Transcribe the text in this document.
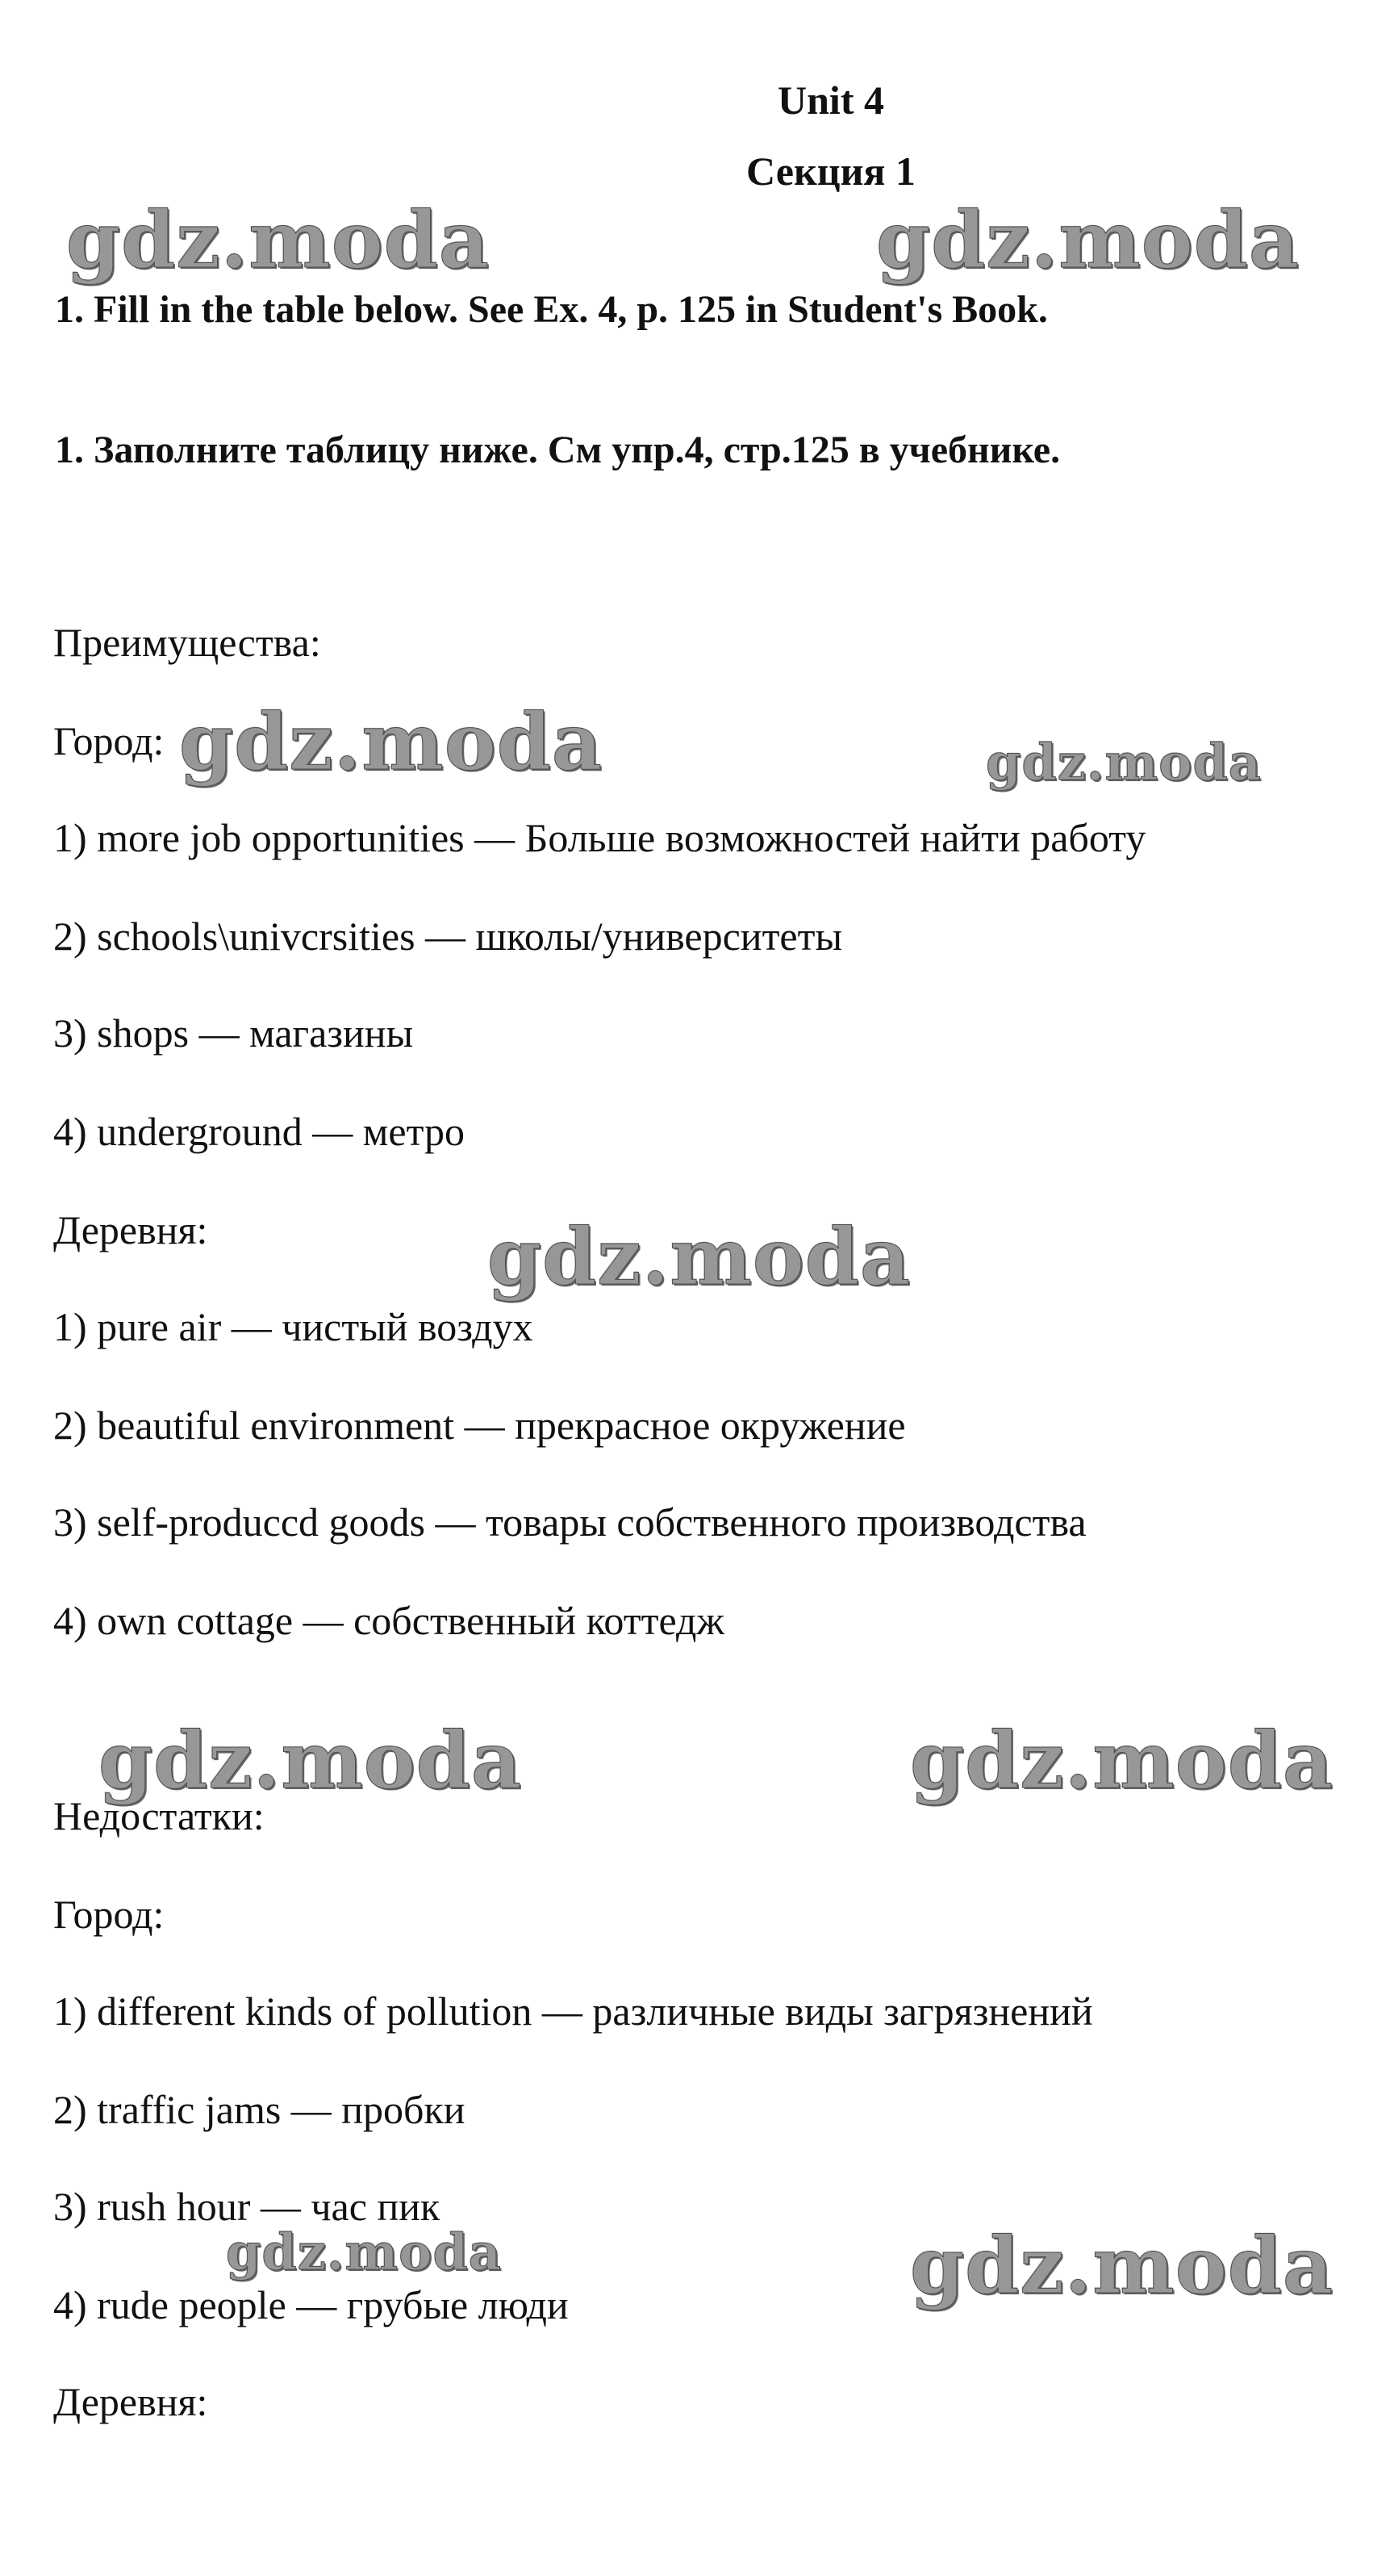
Unit 4
Секция 1
1. Fill in the table below. See Ex. 4, p. 125 in Student's Book.
1. Заполните таблицу ниже. См упр.4, стр.125 в учебнике.
Преимущества:
Город:
1) more job opportunities — Больше возможностей найти работу
2) schools\univcrsities — школы/университеты
3) shops — магазины
4) underground — метро
Деревня:
1) pure air — чистый воздух
2) beautiful environment — прекрасное окружение
3) self-produccd goods — товары собственного производства
4) own cottage — собственный коттедж
Недостатки:
Город:
1) different kinds of pollution — различные виды загрязнений
2) traffic jams — пробки
3) rush hour — час пик
4) rude people — грубые люди
Деревня:
gdz.moda	gdz.moda
gdz.moda	gdz.moda
gdz.moda
gdz.moda	gdz.moda
gdz.moda	gdz.moda
